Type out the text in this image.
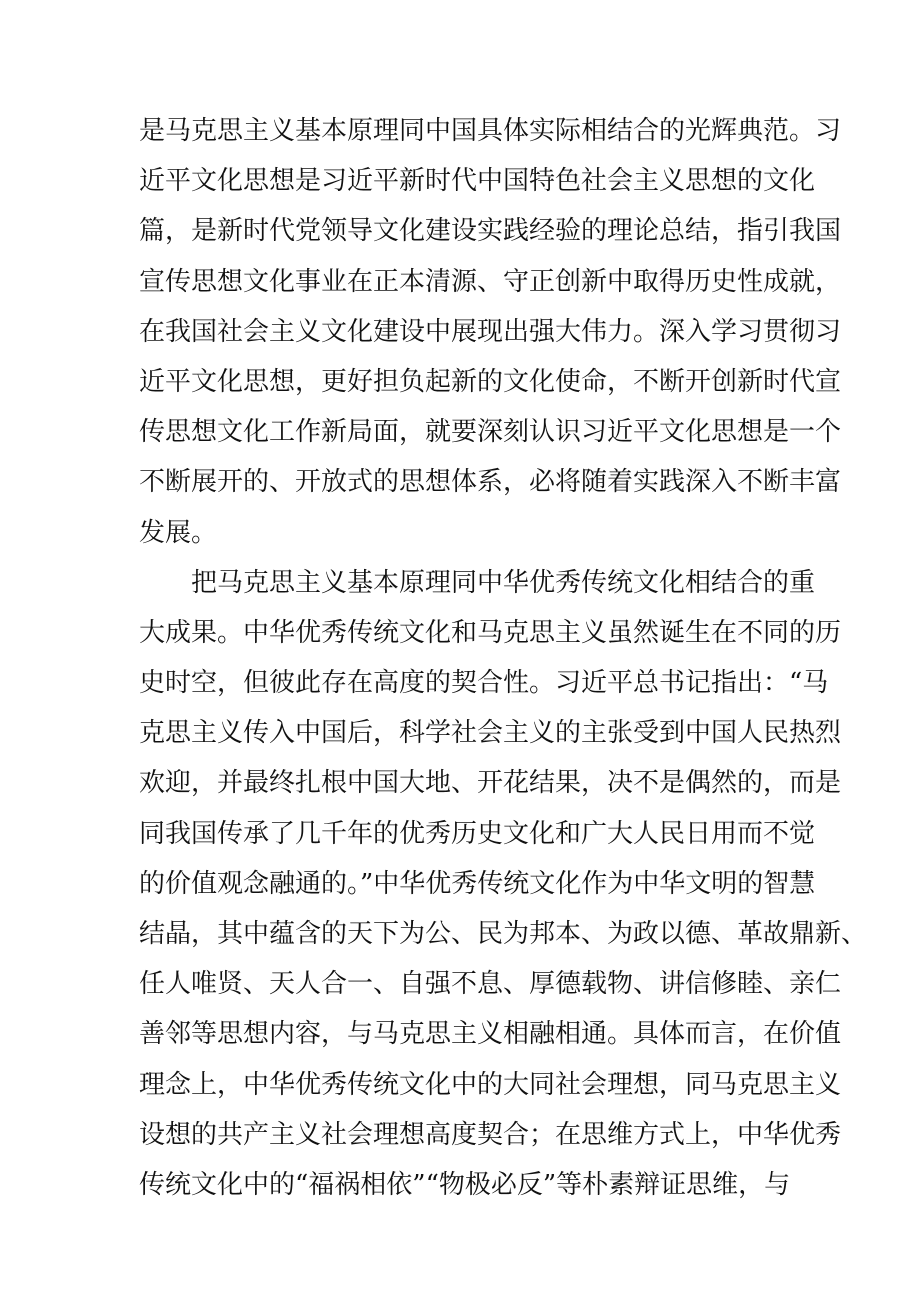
是马克思主义基本原理同中国具体实际相结合的光辉典范。习
近平文化思想是习近平新时代中国特色社会主义思想的文化
篇，是新时代党领导文化建设实践经验的理论总结，指引我国
宣传思想文化事业在正本清源、守正创新中取得历史性成就，
在我国社会主义文化建设中展现出强大伟力。深入学习贯彻习
近平文化思想，更好担负起新的文化使命，不断开创新时代宣
传思想文化工作新局面，就要深刻认识习近平文化思想是一个
不断展开的、开放式的思想体系，必将随着实践深入不断丰富
发展。
把马克思主义基本原理同中华优秀传统文化相结合的重
大成果。中华优秀传统文化和马克思主义虽然诞生在不同的历
史时空，但彼此存在高度的契合性。习近平总书记指出：“马
克思主义传入中国后，科学社会主义的主张受到中国人民热烈
欢迎，并最终扎根中国大地、开花结果，决不是偶然的，而是
同我国传承了几千年的优秀历史文化和广大人民日用而不觉
的价值观念融通的。”中华优秀传统文化作为中华文明的智慧
结晶，其中蕴含的天下为公、民为邦本、为政以德、革故鼎新、
任人唯贤、天人合一、自强不息、厚德载物、讲信修睦、亲仁
善邻等思想内容，与马克思主义相融相通。具体而言，在价值
理念上，中华优秀传统文化中的大同社会理想，同马克思主义
设想的共产主义社会理想高度契合；在思维方式上，中华优秀
传统文化中的“福祸相依”“物极必反”等朴素辩证思维，与
